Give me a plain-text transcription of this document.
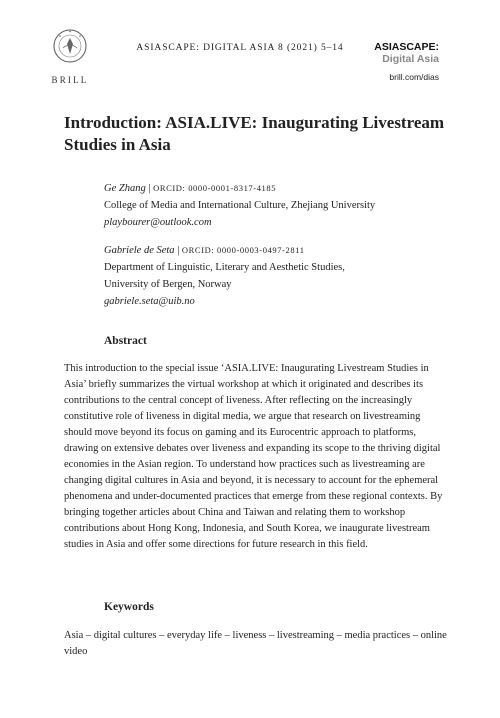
BRILL
ASIASCAPE: DIGITAL ASIA 8 (2021) 5–14	ASIASCAPE:
Digital Asia
brill.com/dias
Introduction: ASIA.LIVE: Inaugurating Livestream
Studies in Asia
Ge Zhang | ORCID: 0000-0001-8317-4185
College of Media and International Culture, Zhejiang University
playbourer@outlook.com
Gabriele de Seta | ORCID: 0000-0003-0497-2811
Department of Linguistic, Literary and Aesthetic Studies,
University of Bergen, Norway
gabriele.seta@uib.no
Abstract

This introduction to the special issue ‘ASIA.LIVE: Inaugurating Livestream Studies in Asia’ briefly summarizes the virtual workshop at which it originated and describes its contributions to the central concept of liveness. After reflecting on the increasingly constitutive role of liveness in digital media, we argue that research on livestreaming should move beyond its focus on gaming and its Eurocentric approach to platforms, drawing on extensive debates over liveness and expanding its scope to the thriving digital economies in the Asian region. To understand how practices such as livestreaming are changing digital cultures in Asia and beyond, it is necessary to account for the ephemeral phenomena and under-documented practices that emerge from these regional contexts. By bringing together articles about China and Taiwan and relating them to workshop contributions about Hong Kong, Indonesia, and South Korea, we inaugurate livestream studies in Asia and offer some directions for future research in this field.

Keywords

Asia – digital cultures – everyday life – liveness – livestreaming – media practices – online video
